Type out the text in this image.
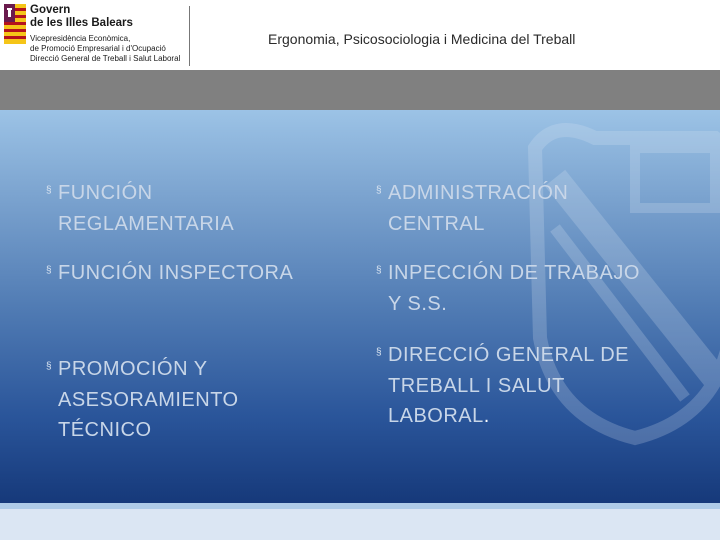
Govern
de les Illes Balears
Vicepresidència Econòmica,
de Promoció Empresarial i d'Ocupació
Direcció General de Treball i Salut Laboral
Ergonomia, Psicosociologia i Medicina del Treball
§ FUNCIÓN
REGLAMENTARIA
§ FUNCIÓN INSPECTORA
§ PROMOCIÓN Y
ASESORAMIENTO
TÉCNICO
§ ADMINISTRACIÓN
CENTRAL
§ INPECCIÓN DE TRABAJO
Y S.S.
§ DIRECCIÓ GENERAL DE
TREBALL I SALUT
LABORAL.
